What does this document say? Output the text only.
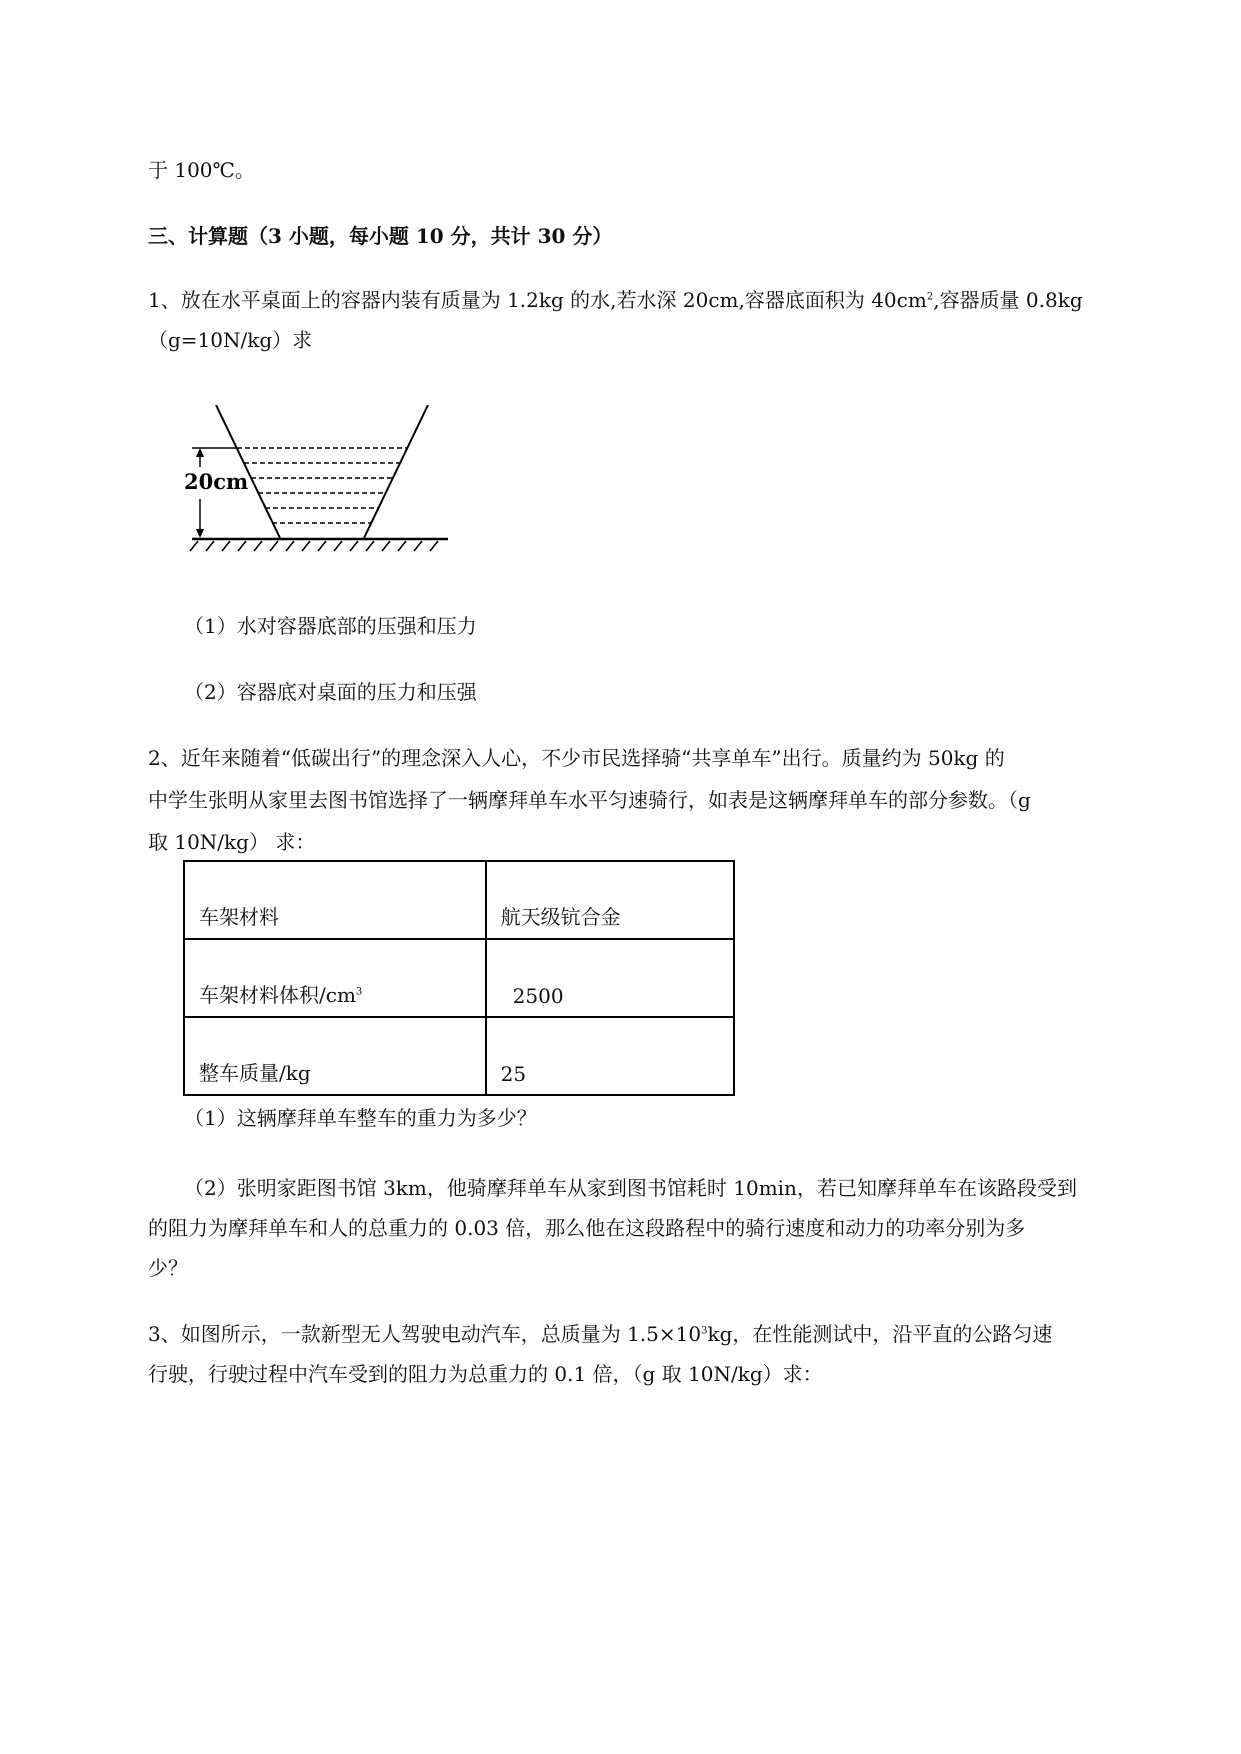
于 100℃。
三、计算题（3 小题，每小题 10 分，共计 30 分）
1、放在水平桌面上的容器内装有质量为 1.2kg 的水,若水深 20cm,容器底面积为 $40cm^2$,容器质量 0.8kg
（g=10N/kg）求
20cm
（1）水对容器底部的压强和压力
（2）容器底对桌面的压力和压强
2、近年来随着“低碳出行”的理念深入人心，不少市民选择骑“共享单车”出行。质量约为 50kg 的
中学生张明从家里去图书馆选择了一辆摩拜单车水平匀速骑行，如表是这辆摩拜单车的部分参数。（g
取 10N/kg） 求：
车架材料	航天级钪合金
车架材料体积$/cm^3$	2500
整车质量/kg	25
（1）这辆摩拜单车整车的重力为多少？
（2）张明家距图书馆 3km，他骑摩拜单车从家到图书馆耗时 10min，若已知摩拜单车在该路段受到
的阻力为摩拜单车和人的总重力的 0.03 倍，那么他在这段路程中的骑行速度和动力的功率分别为多
少？
3、如图所示，一款新型无人驾驶电动汽车，总质量为 $1.5\times 10^3kg$，在性能测试中，沿平直的公路匀速
行驶，行驶过程中汽车受到的阻力为总重力的 0.1 倍，（g 取 10N/kg）求：
